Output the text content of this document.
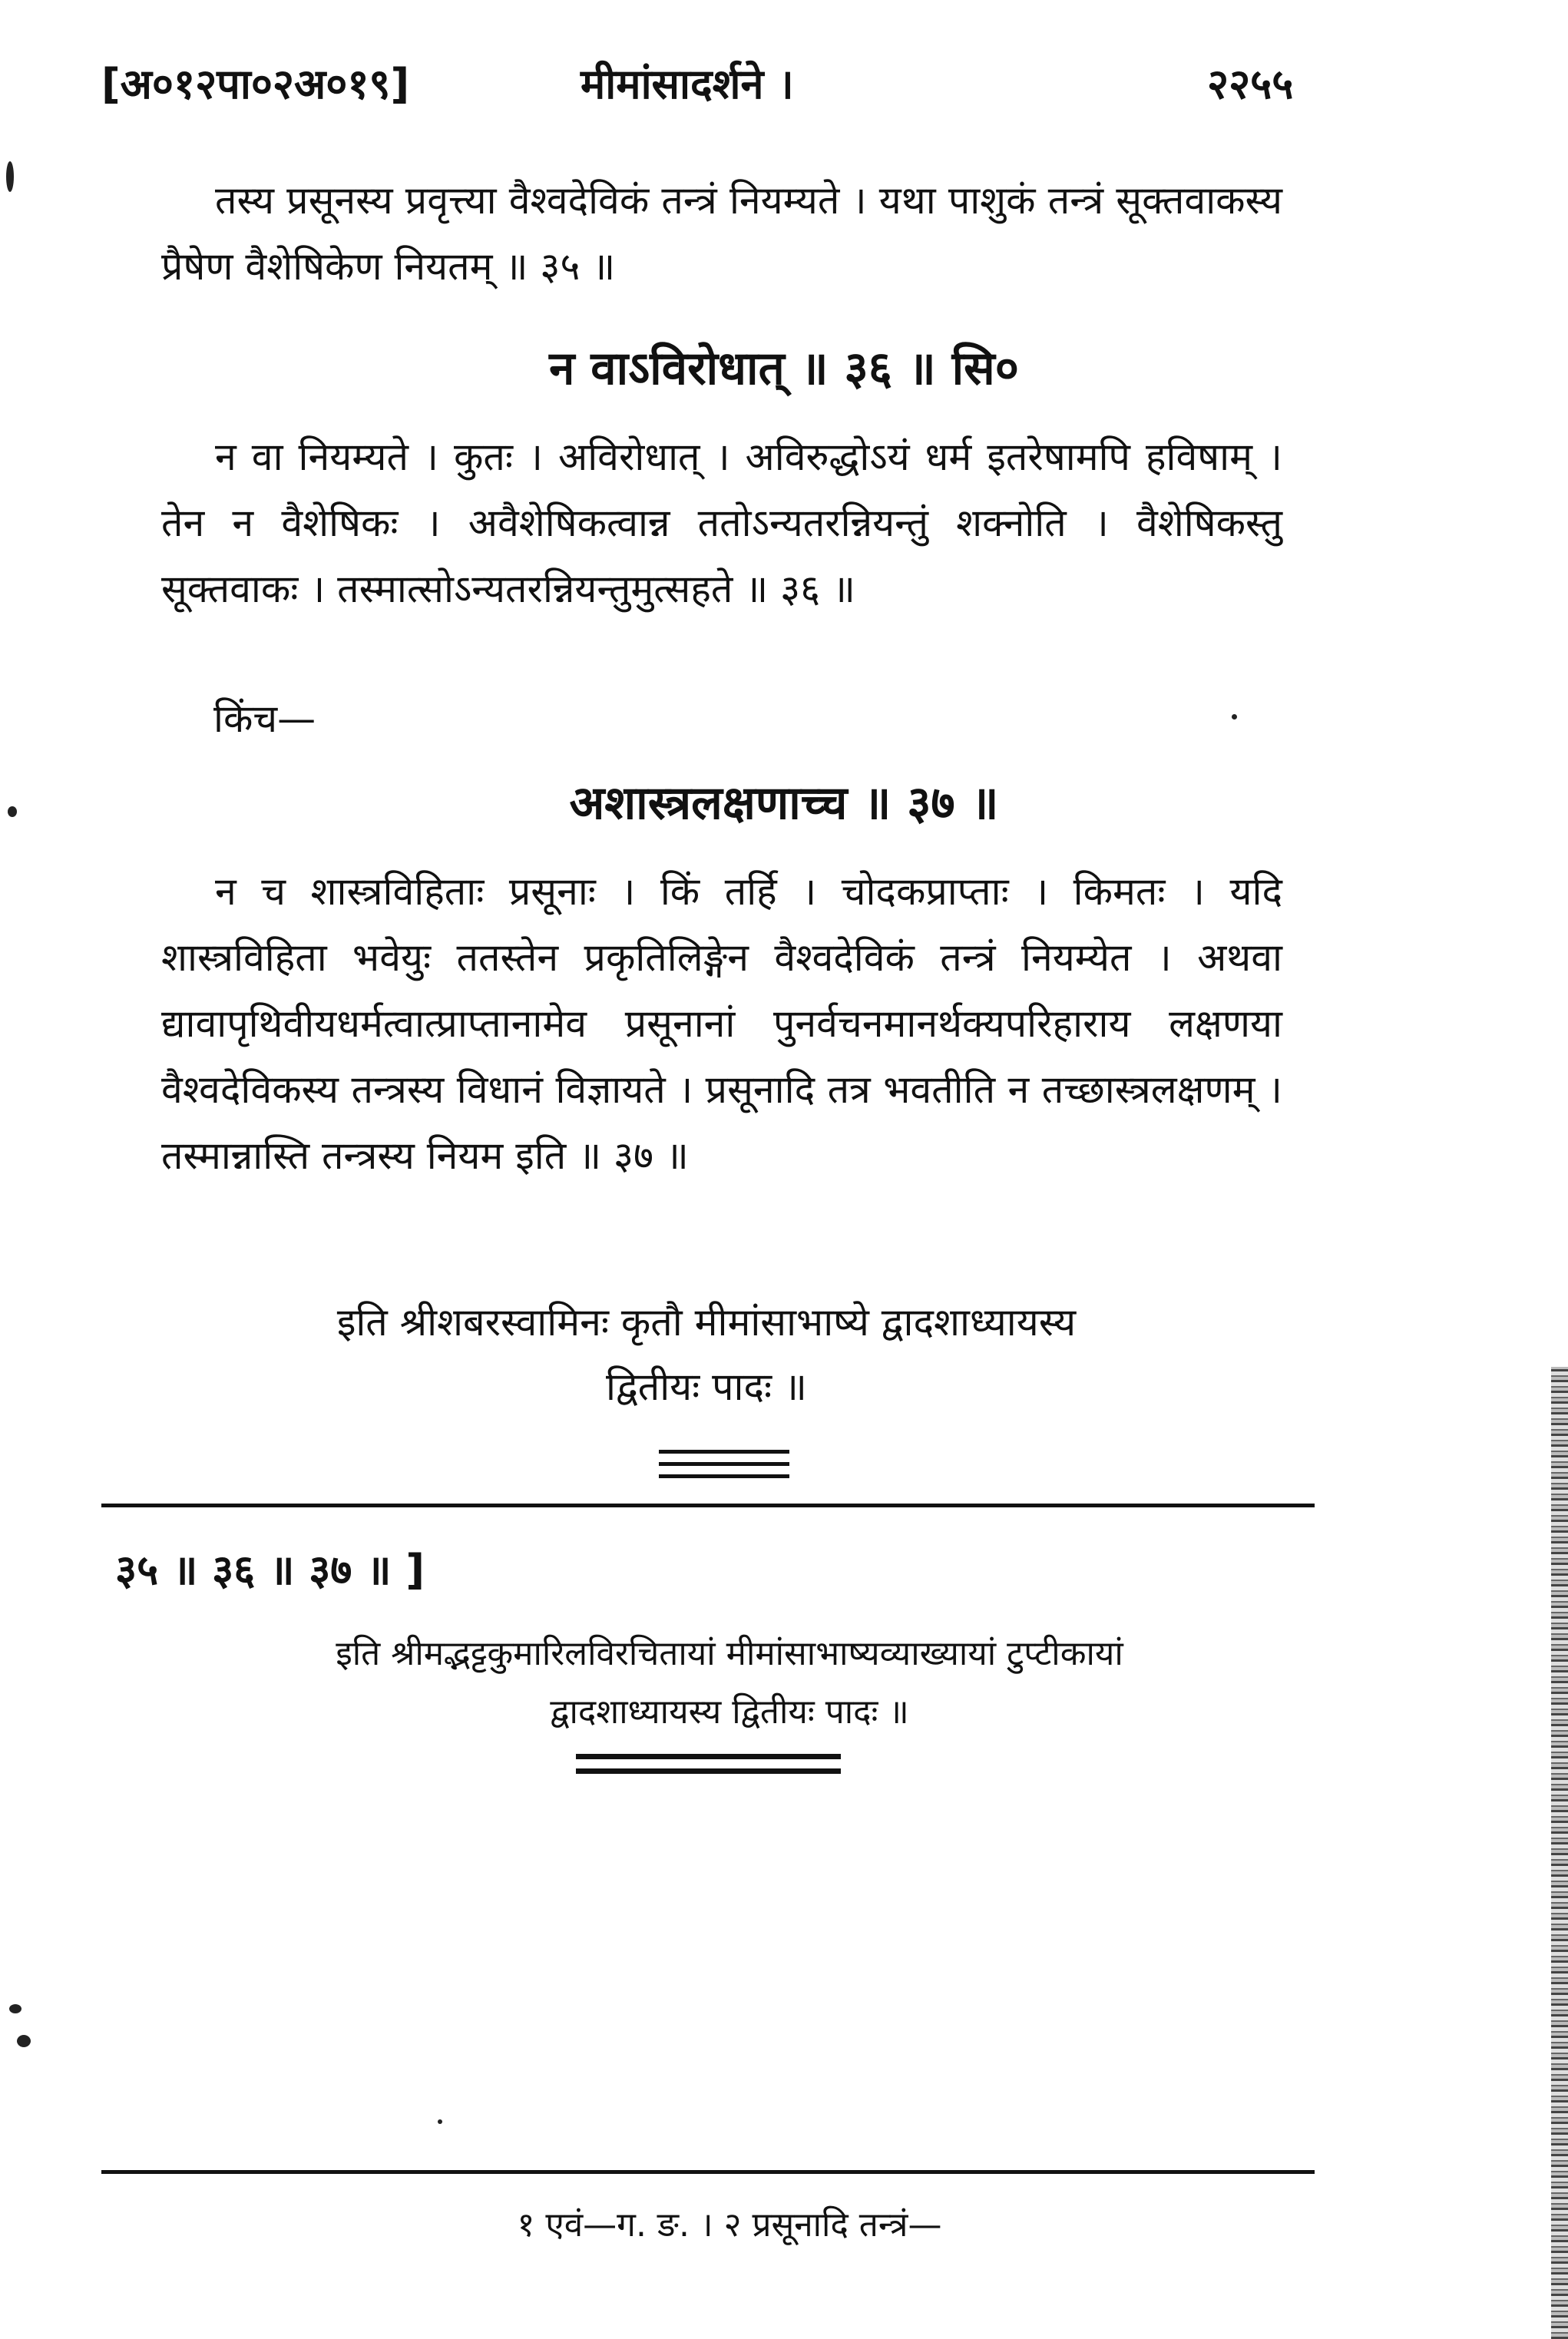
[अ०१२पा०२अ०१९]	मीमांसादर्शने ।	२२५५
तस्य प्रसूनस्य प्रवृत्त्या वैश्वदेविकं तन्त्रं नियम्यते । यथा पाशुकं तन्त्रं सूक्तवाकस्य प्रैषेण वैशेषिकेण नियतम् ॥ ३५ ॥
न वाऽविरोधात् ॥ ३६ ॥ सि०
न वा नियम्यते । कुतः । अविरोधात् । अविरुद्धोऽयं धर्म इतरेषामपि हविषाम् । तेन न वैशेषिकः । अवैशेषिकत्वान्न ततोऽन्यतरन्नियन्तुं शक्नोति । वैशेषिकस्तु सूक्तवाकः । तस्मात्सोऽन्यतरन्नियन्तुमुत्सहते ॥ ३६ ॥
किंच—
अशास्त्रलक्षणाच्च ॥ ३७ ॥
न च शास्त्रविहिताः प्रसूनाः । किं तर्हि । चोदकप्राप्ताः । किमतः । यदि शास्त्रविहिता भवेयुः ततस्तेन प्रकृतिलिङ्गेन वैश्वदेविकं तन्त्रं नियम्येत । अथवा द्यावापृथिवीयधर्मत्वात्प्राप्तानामेव प्रसूनानां पुनर्वचनमानर्थक्यपरिहाराय लक्षणया वैश्वदेविकस्य तन्त्रस्य विधानं विज्ञायते । प्रसूनादि तत्र भवतीति न तच्छास्त्रलक्षणम् । तस्मान्नास्ति तन्त्रस्य नियम इति ॥ ३७ ॥
इति श्रीशबरस्वामिनः कृतौ मीमांसाभाष्ये द्वादशाध्यायस्य
द्वितीयः पादः ॥
३५ ॥ ३६ ॥ ३७ ॥ ]
इति श्रीमद्भट्टकुमारिलविरचितायां मीमांसाभाष्यव्याख्यायां टुप्टीकायां
द्वादशाध्यायस्य द्वितीयः पादः ॥
१ एवं—ग. ङ. । २ प्रसूनादि तन्त्रं—
